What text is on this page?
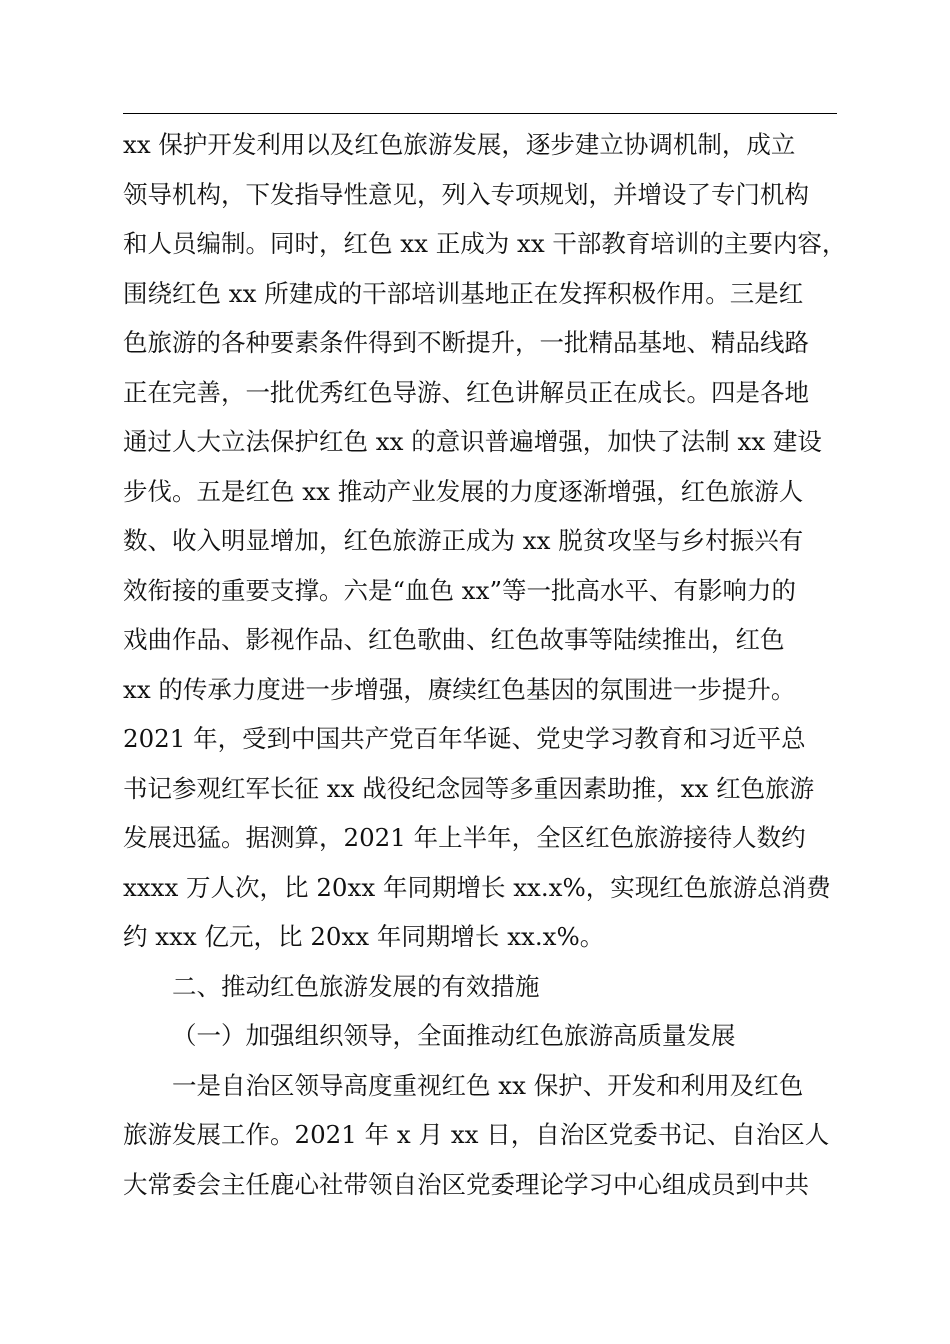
xx 保护开发利用以及红色旅游发展，逐步建立协调机制，成立
领导机构，下发指导性意见，列入专项规划，并增设了专门机构
和人员编制。同时，红色 xx 正成为 xx 干部教育培训的主要内容，
围绕红色 xx 所建成的干部培训基地正在发挥积极作用。三是红
色旅游的各种要素条件得到不断提升，一批精品基地、精品线路
正在完善，一批优秀红色导游、红色讲解员正在成长。四是各地
通过人大立法保护红色 xx 的意识普遍增强，加快了法制 xx 建设
步伐。五是红色 xx 推动产业发展的力度逐渐增强，红色旅游人
数、收入明显增加，红色旅游正成为 xx 脱贫攻坚与乡村振兴有
效衔接的重要支撑。六是“血色 xx”等一批高水平、有影响力的
戏曲作品、影视作品、红色歌曲、红色故事等陆续推出，红色
xx 的传承力度进一步增强，赓续红色基因的氛围进一步提升。
2021 年，受到中国共产党百年华诞、党史学习教育和习近平总
书记参观红军长征 xx 战役纪念园等多重因素助推，xx 红色旅游
发展迅猛。据测算，2021 年上半年，全区红色旅游接待人数约
xxxx 万人次，比 20xx 年同期增长 xx.x%，实现红色旅游总消费
约 xxx 亿元，比 20xx 年同期增长 xx.x%。
二、推动红色旅游发展的有效措施
（一）加强组织领导，全面推动红色旅游高质量发展
一是自治区领导高度重视红色 xx 保护、开发和利用及红色
旅游发展工作。2021 年 x 月 xx 日，自治区党委书记、自治区人
大常委会主任鹿心社带领自治区党委理论学习中心组成员到中共
